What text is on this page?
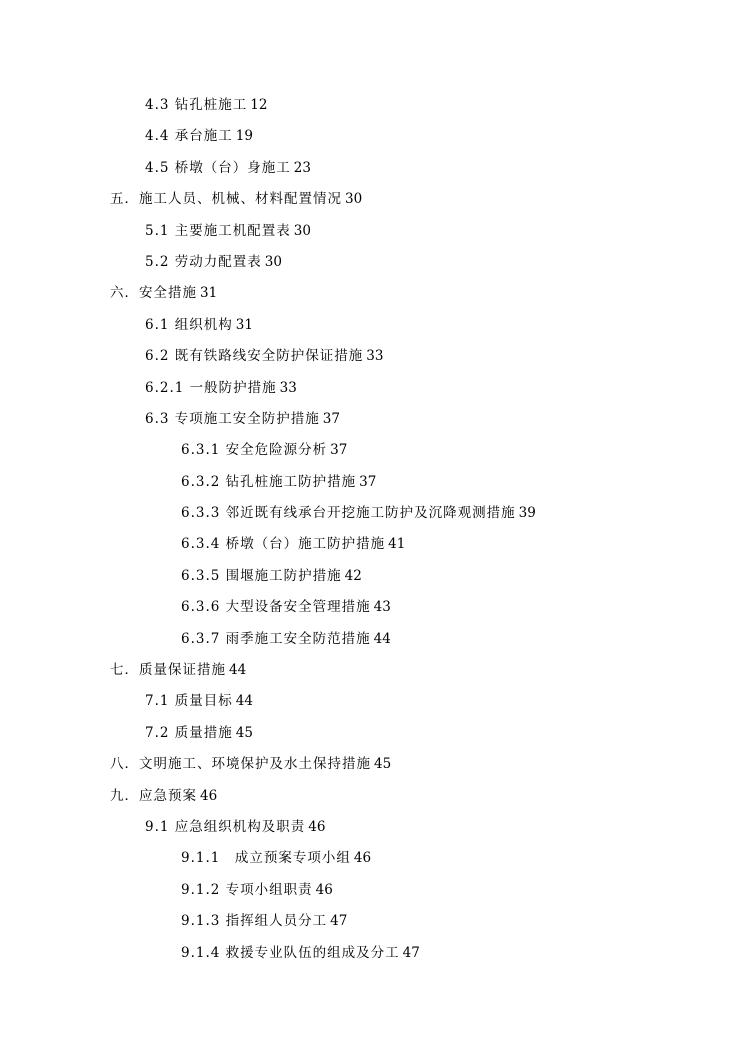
4.3 钻孔桩施工 12
4.4 承台施工 19
4.5 桥墩（台）身施工 23
五．施工人员、机械、材料配置情况 30
5.1 主要施工机配置表 30
5.2 劳动力配置表 30
六．安全措施 31
6.1 组织机构 31
6.2 既有铁路线安全防护保证措施 33
6.2.1 一般防护措施 33
6.3 专项施工安全防护措施 37
6.3.1 安全危险源分析 37
6.3.2 钻孔桩施工防护措施 37
6.3.3 邻近既有线承台开挖施工防护及沉降观测措施 39
6.3.4 桥墩（台）施工防护措施 41
6.3.5 围堰施工防护措施 42
6.3.6 大型设备安全管理措施 43
6.3.7 雨季施工安全防范措施 44
七．质量保证措施 44
7.1 质量目标 44
7.2 质量措施 45
八．文明施工、环境保护及水土保持措施 45
九．应急预案 46
9.1 应急组织机构及职责 46
9.1.1　成立预案专项小组 46
9.1.2 专项小组职责 46
9.1.3 指挥组人员分工 47
9.1.4 救援专业队伍的组成及分工 47
